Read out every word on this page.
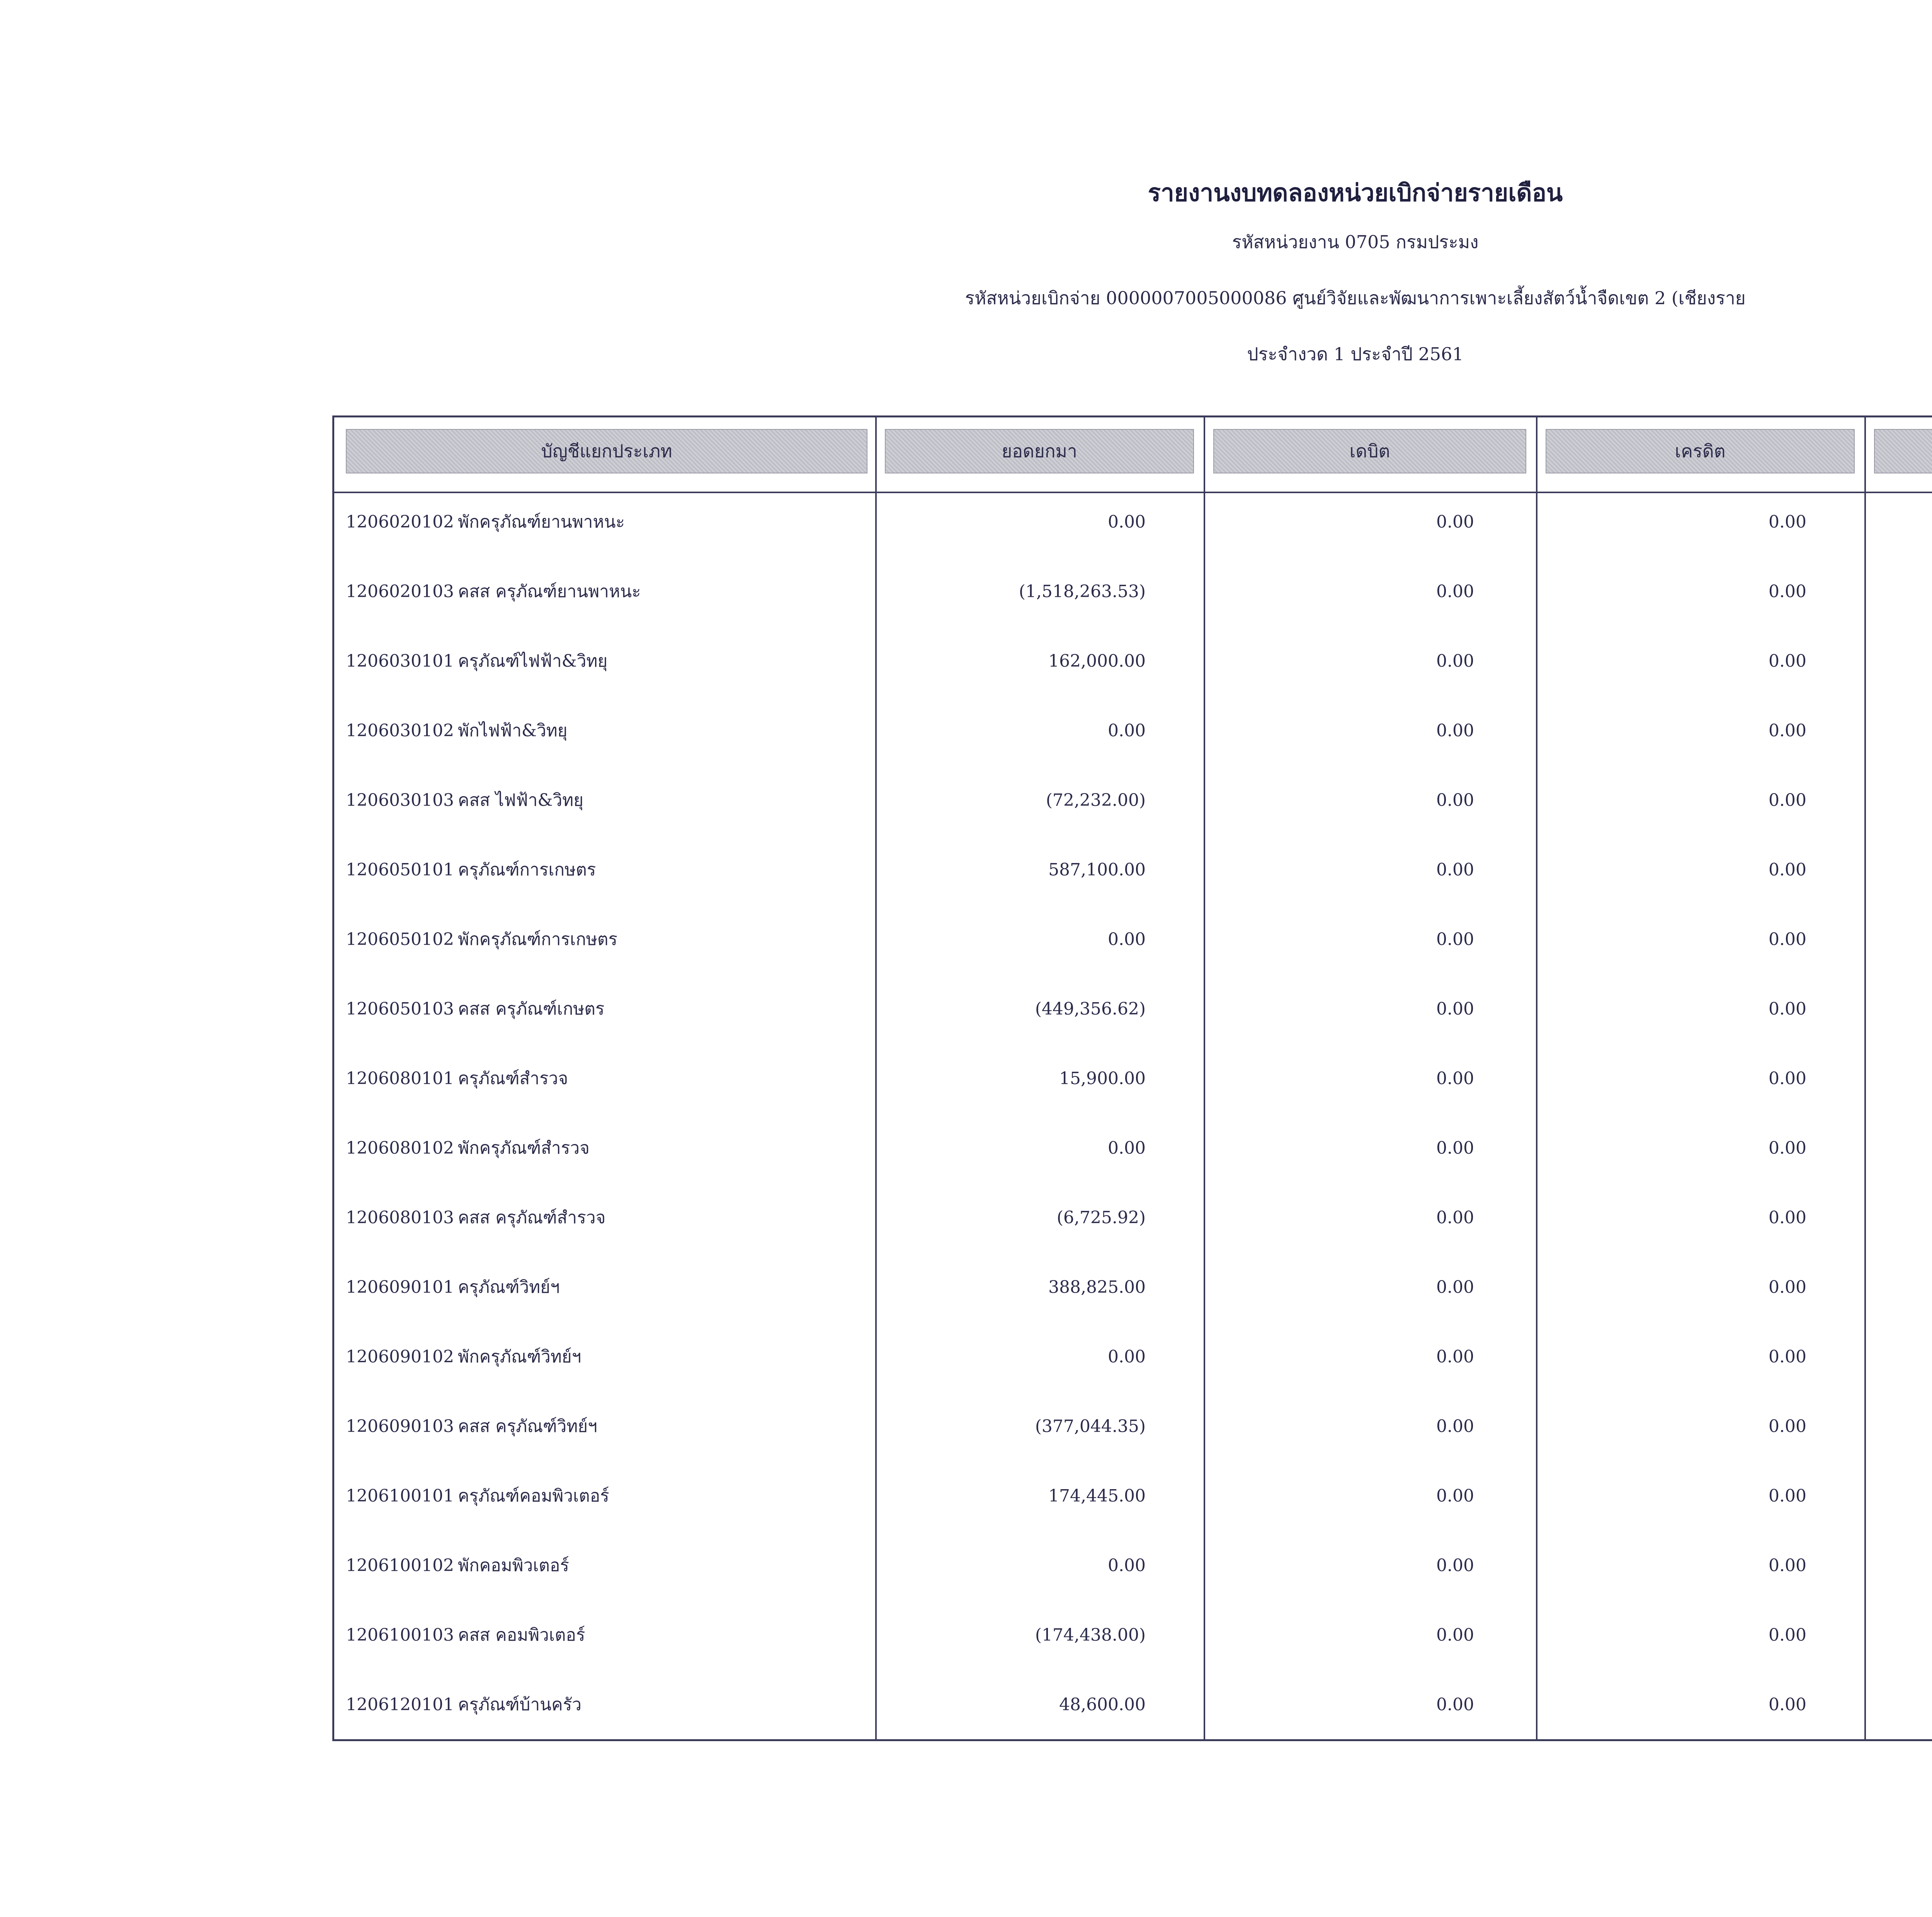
รายงานงบทดลองหน่วยเบิกจ่ายรายเดือน
รหัสหน่วยงาน 0705 กรมประมง
รหัสหน่วยเบิกจ่าย 0000007005000086 ศูนย์วิจัยและพัฒนาการเพาะเลี้ยงสัตว์น้ำจืดเขต 2 (เชียงราย
ประจำงวด 1 ประจำปี 2561
บัญชีแยกประเภท	ยอดยกมา	เดบิต	เครดิต
1206020102 พักครุภัณฑ์ยานพาหนะ	0.00	0.00	0.00
1206020103 คสส ครุภัณฑ์ยานพาหนะ	(1,518,263.53)	0.00	0.00
1206030101 ครุภัณฑ์ไฟฟ้า&วิทยุ	162,000.00	0.00	0.00
1206030102 พักไฟฟ้า&วิทยุ	0.00	0.00	0.00
1206030103 คสส ไฟฟ้า&วิทยุ	(72,232.00)	0.00	0.00
1206050101 ครุภัณฑ์การเกษตร	587,100.00	0.00	0.00
1206050102 พักครุภัณฑ์การเกษตร	0.00	0.00	0.00
1206050103 คสส ครุภัณฑ์เกษตร	(449,356.62)	0.00	0.00
1206080101 ครุภัณฑ์สำรวจ	15,900.00	0.00	0.00
1206080102 พักครุภัณฑ์สำรวจ	0.00	0.00	0.00
1206080103 คสส ครุภัณฑ์สำรวจ	(6,725.92)	0.00	0.00
1206090101 ครุภัณฑ์วิทย์ฯ	388,825.00	0.00	0.00
1206090102 พักครุภัณฑ์วิทย์ฯ	0.00	0.00	0.00
1206090103 คสส ครุภัณฑ์วิทย์ฯ	(377,044.35)	0.00	0.00
1206100101 ครุภัณฑ์คอมพิวเตอร์	174,445.00	0.00	0.00
1206100102 พักคอมพิวเตอร์	0.00	0.00	0.00
1206100103 คสส คอมพิวเตอร์	(174,438.00)	0.00	0.00
1206120101 ครุภัณฑ์บ้านครัว	48,600.00	0.00	0.00
